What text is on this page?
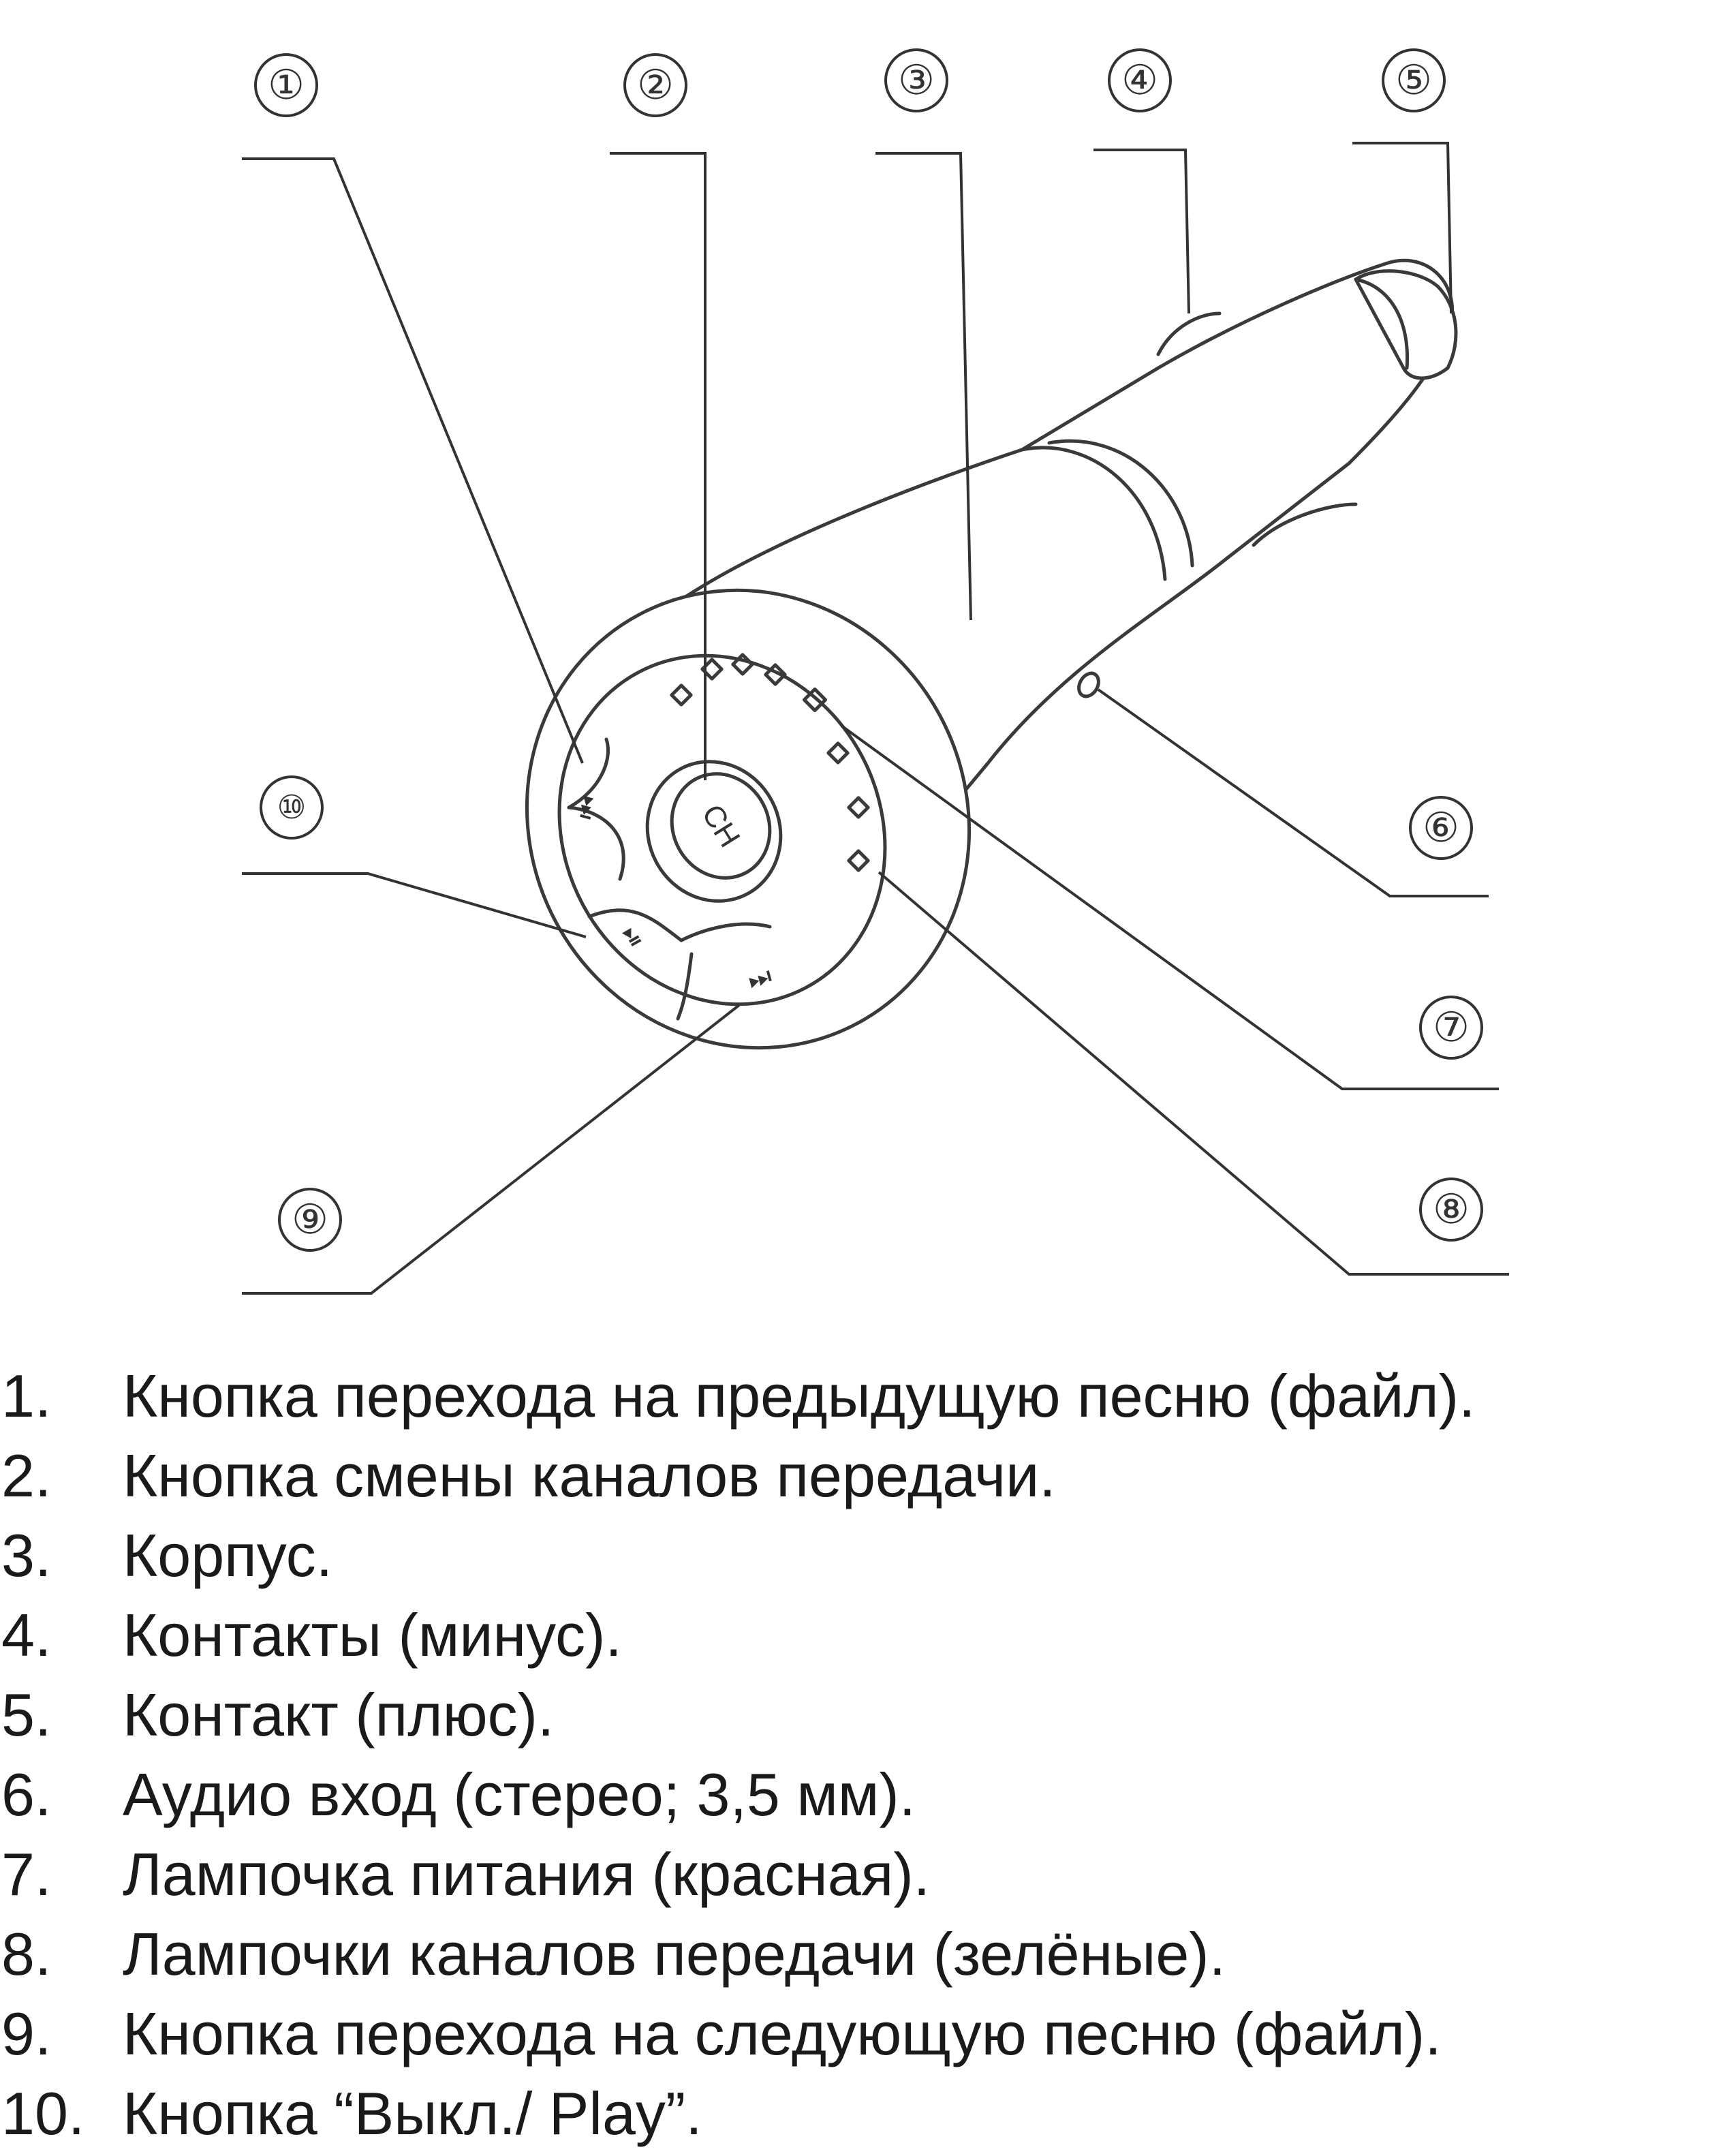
CH
⏮
⏯
⏭
①	②	③	④	⑤
⑥
⑦
⑧
⑨
⑩
1.	Кнопка перехода на предыдущую песню (файл).
2.	Кнопка смены каналов передачи.
3.	Корпус.
4.	Контакты (минус).
5.	Контакт (плюс).
6.	Аудио вход (стерео; 3,5 мм).
7.	Лампочка питания (красная).
8.	Лампочки каналов передачи (зелёные).
9.	Кнопка перехода на следующую песню (файл).
10. Кнопка “Выкл./ Play”.
